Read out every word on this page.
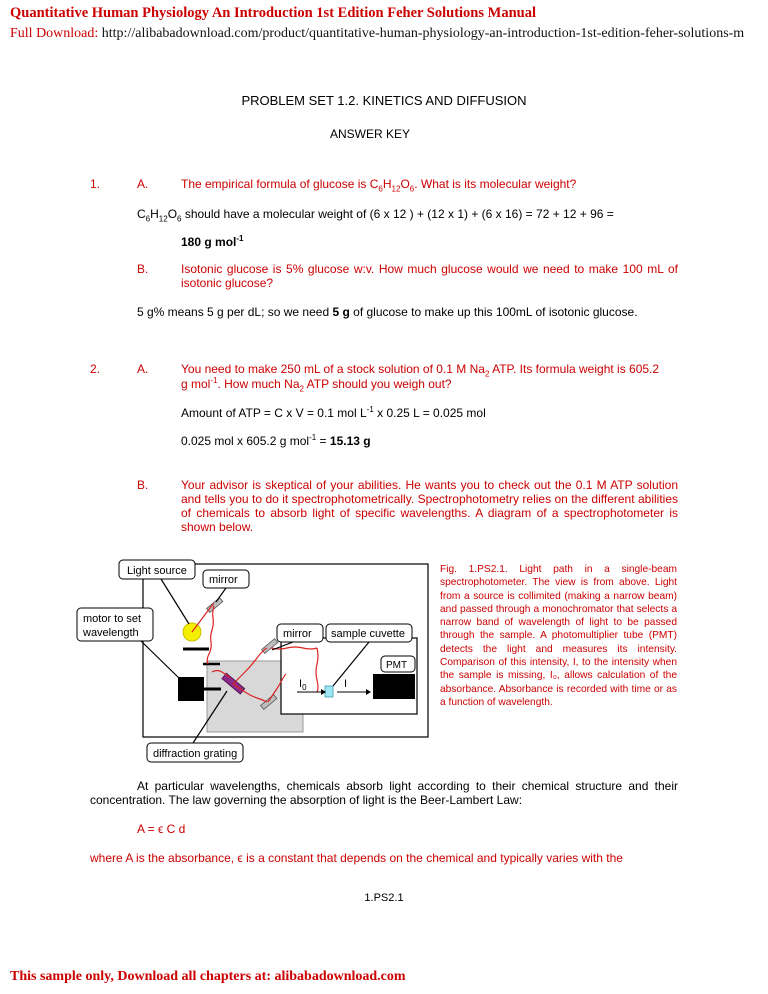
Quantitative Human Physiology An Introduction 1st Edition Feher Solutions Manual
Full Download: http://alibabadownload.com/product/quantitative-human-physiology-an-introduction-1st-edition-feher-solutions-m
PROBLEM SET 1.2. KINETICS AND DIFFUSION
ANSWER KEY
1.	A.	The empirical formula of glucose is $C_6H_{12}O_6$. What is its molecular weight?
$C_6H_{12}O_6$ should have a molecular weight of (6 x 12 ) + (12 x 1) + (6 x 16) = 72 + 12 + 96 =
180 g mol$^{-1}$
B.	Isotonic glucose is 5% glucose w:v. How much glucose would we need to make 100 mL of isotonic glucose?
5 g% means 5 g per dL; so we need 5 g of glucose to make up this 100mL of isotonic glucose.
2.	A.	You need to make 250 mL of a stock solution of 0.1 M $Na_2$ ATP. Its formula weight is 605.2
g mol$^{-1}$. How much $Na_2$ ATP should you weigh out?
Amount of ATP = C x V = 0.1 mol $L^{-1}$ x 0.25 L = 0.025 mol
0.025 mol x 605.2 g mol$^{-1}$ = 15.13 g
B.	Your advisor is skeptical of your abilities. He wants you to check out the 0.1 M ATP solution and tells you to do it spectrophotometrically. Spectrophotometry relies on the different abilities of chemicals to absorb light of specific wavelengths. A diagram of a spectrophotometer is shown below.
Light source
mirror
motor to set
wavelength	mirror sample cuvette
PMT
$I_0$	I
diffraction grating
Fig. 1.PS2.1. Light path in a single-beam spectrophotometer. The view is from above. Light from a source is collimited (making a narrow beam) and passed through a monochromator that selects a narrow band of wavelength of light to be passed through the sample. A photomultiplier tube (PMT) detects the light and measures its intensity. Comparison of this intensity, I, to the intensity when the sample is missing, I₀, allows calculation of the absorbance. Absorbance is recorded with time or as a function of wavelength.
At particular wavelengths, chemicals absorb light according to their chemical structure and their concentration. The law governing the absorption of light is the Beer-Lambert Law:
A = ϵ C d
where A is the absorbance, ϵ is a constant that depends on the chemical and typically varies with the
1.PS2.1
This sample only, Download all chapters at: alibabadownload.com
